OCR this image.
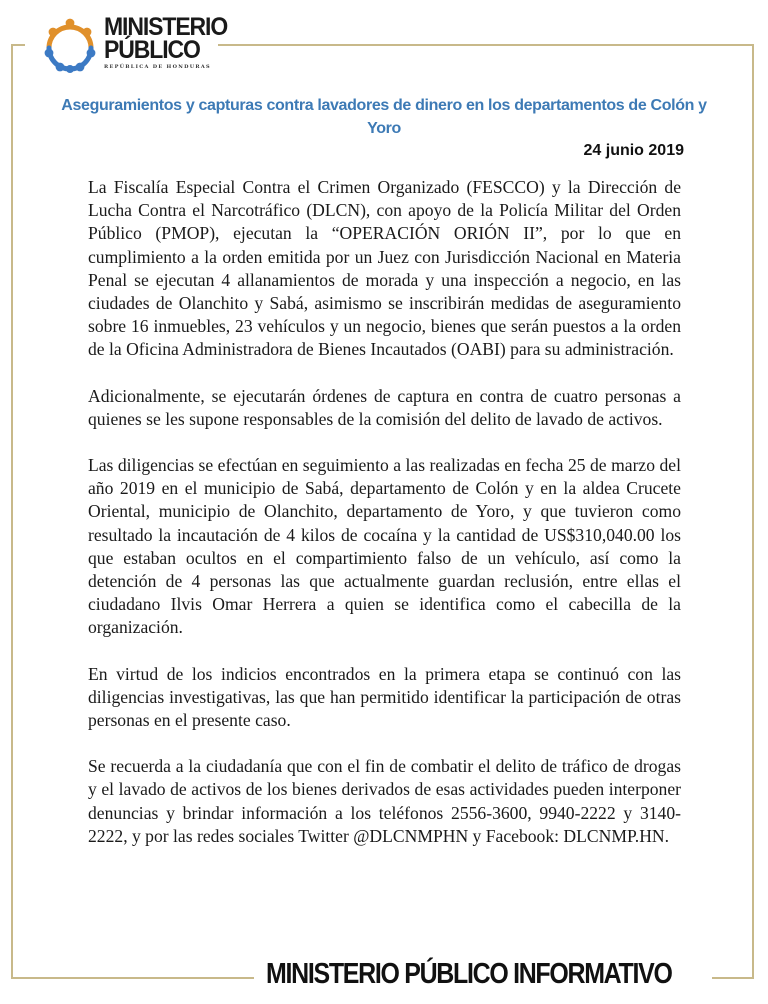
MINISTERIO
PÚBLICO
REPÚBLICA DE HONDURAS
Aseguramientos y capturas contra lavadores de dinero en los departamentos de Colón y Yoro
24 junio 2019

La Fiscalía Especial Contra el Crimen Organizado (FESCCO) y la Dirección de Lucha Contra el Narcotráfico (DLCN), con apoyo de la Policía Militar del Orden Público (PMOP), ejecutan la “OPERACIÓN ORIÓN II”, por lo que en cumplimiento a la orden emitida por un Juez con Jurisdicción Nacional en Materia Penal se ejecutan 4 allanamientos de morada y una inspección a negocio, en las ciudades de Olanchito y Sabá, asimismo se inscribirán medidas de aseguramiento sobre 16 inmuebles, 23 vehículos y un negocio, bienes que serán puestos a la orden de la Oficina Administradora de Bienes Incautados (OABI) para su administración.

Adicionalmente, se ejecutarán órdenes de captura en contra de cuatro personas a quienes se les supone responsables de la comisión del delito de lavado de activos.

Las diligencias se efectúan en seguimiento a las realizadas en fecha 25 de marzo del año 2019 en el municipio de Sabá, departamento de Colón y en la aldea Crucete Oriental, municipio de Olanchito, departamento de Yoro, y que tuvieron como resultado la incautación de 4 kilos de cocaína y la cantidad de US$310,040.00 los que estaban ocultos en el compartimiento falso de un vehículo, así como la detención de 4 personas las que actualmente guardan reclusión, entre ellas el ciudadano Ilvis Omar Herrera a quien se identifica como el cabecilla de la organización.

En virtud de los indicios encontrados en la primera etapa se continuó con las diligencias investigativas, las que han permitido identificar la participación de otras personas en el presente caso.

Se recuerda a la ciudadanía que con el fin de combatir el delito de tráfico de drogas y el lavado de activos de los bienes derivados de esas actividades pueden interponer denuncias y brindar información a los teléfonos 2556-3600, 9940-2222 y 3140-2222, y por las redes sociales Twitter @DLCNMPHN y Facebook: DLCNMP.HN.

MINISTERIO PÚBLICO INFORMATIVO
